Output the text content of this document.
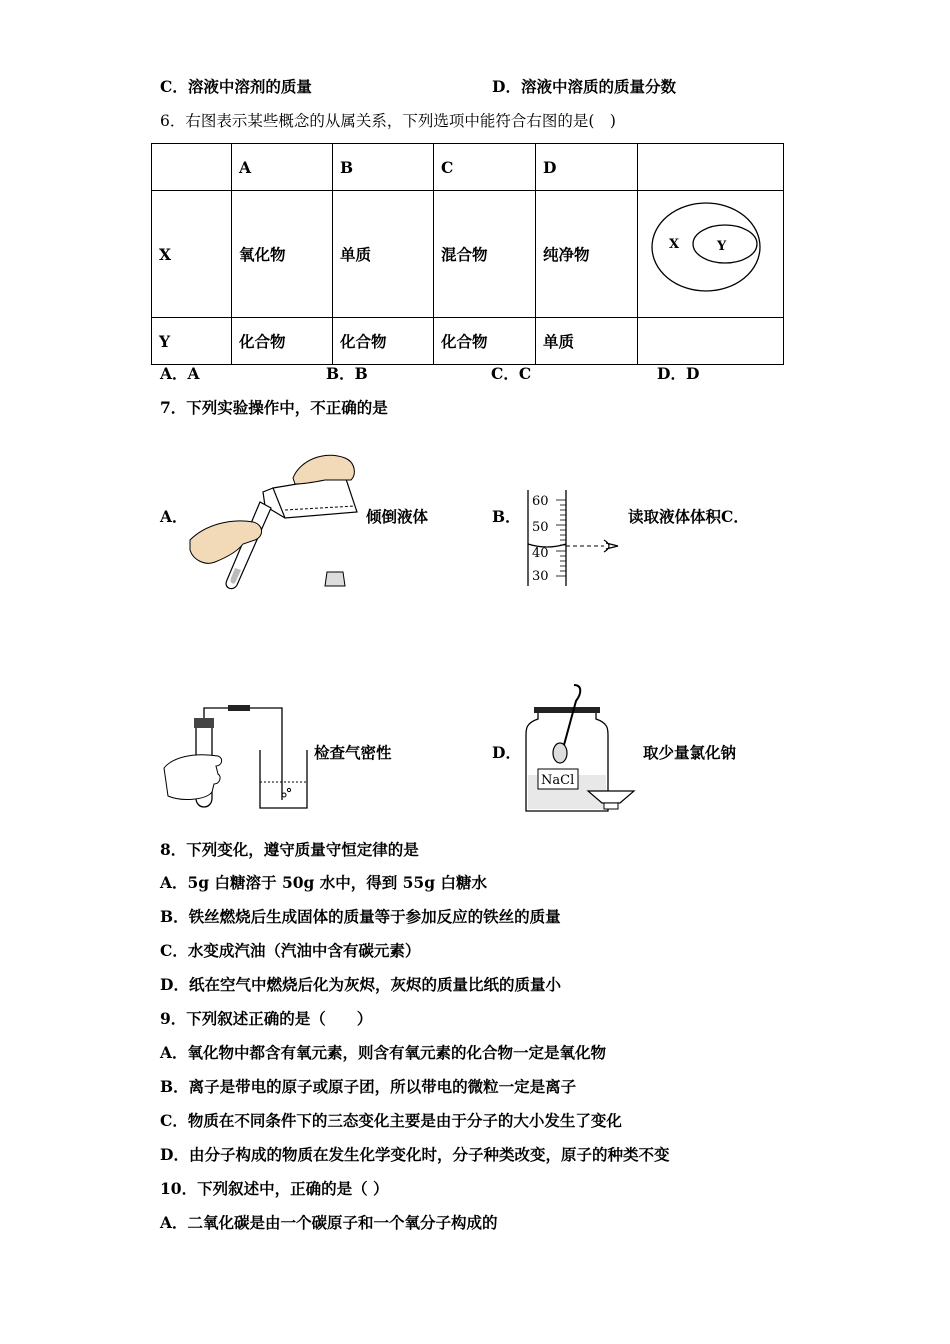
C．溶液中溶剂的质量	D．溶液中溶质的质量分数
6．右图表示某些概念的从属关系，下列选项中能符合右图的是(　)
	A	B	C	D	
X	氧化物	单质	混合物	纯净物	X Y

Y	化合物	化合物	化合物	单质	
A．A	B．B	C．C	D．D
7．下列实验操作中，不正确的是
A．	倾倒液体	B．
60
50
40
30
读取液体体积C．
检查气密性	D．
NaCl
取少量氯化钠
8．下列变化，遵守质量守恒定律的是
A．5g 白糖溶于 50g 水中，得到 55g 白糖水
B．铁丝燃烧后生成固体的质量等于参加反应的铁丝的质量
C．水变成汽油（汽油中含有碳元素）
D．纸在空气中燃烧后化为灰烬，灰烬的质量比纸的质量小
9．下列叙述正确的是（　　）
A．氧化物中都含有氧元素，则含有氧元素的化合物一定是氧化物
B．离子是带电的原子或原子团，所以带电的微粒一定是离子
C．物质在不同条件下的三态变化主要是由于分子的大小发生了变化
D．由分子构成的物质在发生化学变化时，分子种类改变，原子的种类不变
10．下列叙述中，正确的是（ ）
A．二氧化碳是由一个碳原子和一个氧分子构成的
